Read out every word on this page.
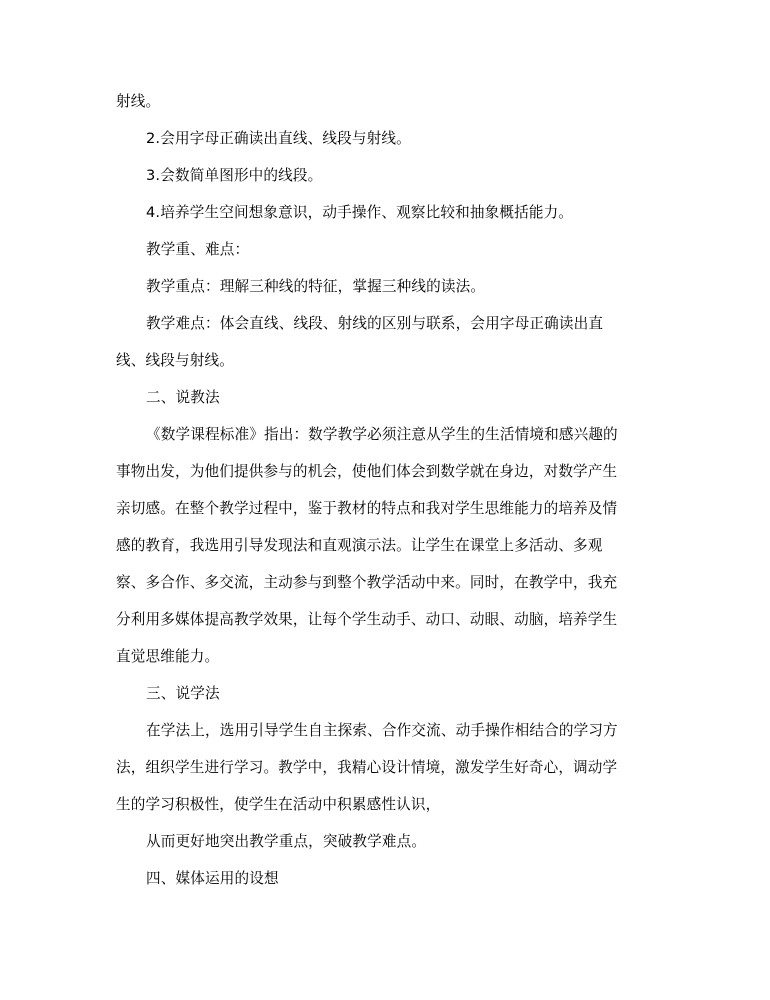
射线。
2.会用字母正确读出直线、线段与射线。
3.会数简单图形中的线段。
4.培养学生空间想象意识，动手操作、观察比较和抽象概括能力。
教学重、难点：
教学重点：理解三种线的特征，掌握三种线的读法。
教学难点：体会直线、线段、射线的区别与联系，会用字母正确读出直
线、线段与射线。
二、说教法
《数学课程标准》指出：数学教学必须注意从学生的生活情境和感兴趣的
事物出发，为他们提供参与的机会，使他们体会到数学就在身边，对数学产生
亲切感。在整个教学过程中，鉴于教材的特点和我对学生思维能力的培养及情
感的教育，我选用引导发现法和直观演示法。让学生在课堂上多活动、多观
察、多合作、多交流，主动参与到整个教学活动中来。同时，在教学中，我充
分利用多媒体提高教学效果，让每个学生动手、动口、动眼、动脑，培养学生
直觉思维能力。
三、说学法
在学法上，选用引导学生自主探索、合作交流、动手操作相结合的学习方
法，组织学生进行学习。教学中，我精心设计情境，激发学生好奇心，调动学
生的学习积极性，使学生在活动中积累感性认识，
从而更好地突出教学重点，突破教学难点。
四、媒体运用的设想
